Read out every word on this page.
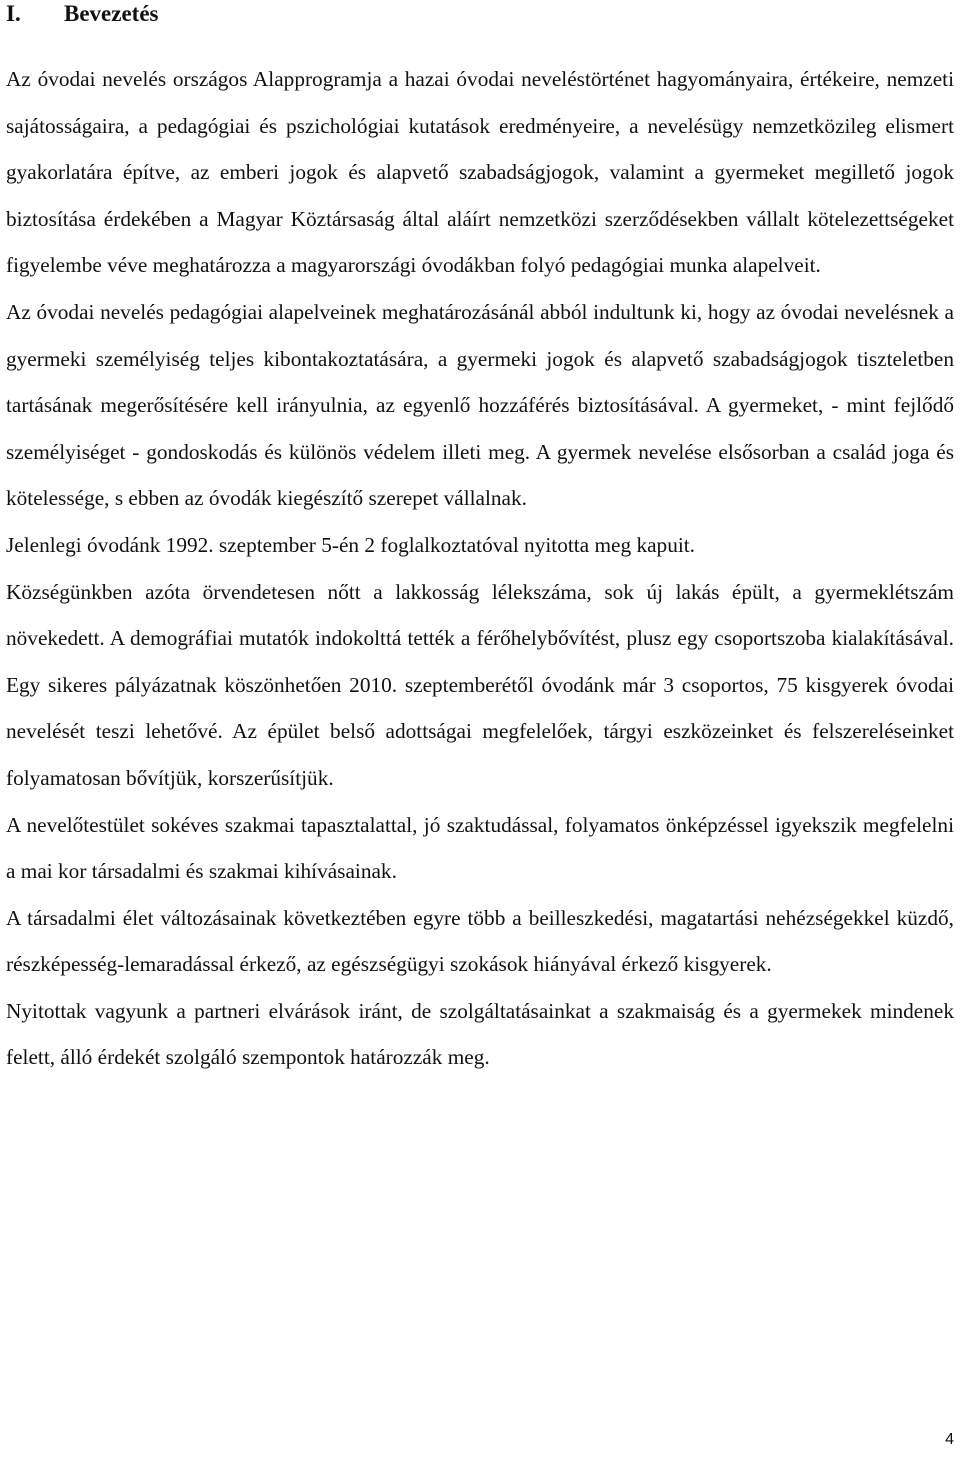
I. Bevezetés

Az óvodai nevelés országos Alapprogramja a hazai óvodai neveléstörténet hagyományaira, értékeire, nemzeti sajátosságaira, a pedagógiai és pszichológiai kutatások eredményeire, a nevelésügy nemzetközileg elismert gyakorlatára építve, az emberi jogok és alapvető szabadságjogok, valamint a gyermeket megillető jogok biztosítása érdekében a Magyar Köztársaság által aláírt nemzetközi szerződésekben vállalt kötelezettségeket figyelembe véve meghatározza a magyarországi óvodákban folyó pedagógiai munka alapelveit.

Az óvodai nevelés pedagógiai alapelveinek meghatározásánál abból indultunk ki, hogy az óvodai nevelésnek a gyermeki személyiség teljes kibontakoztatására, a gyermeki jogok és alapvető szabadságjogok tiszteletben tartásának megerősítésére kell irányulnia, az egyenlő hozzáférés biztosításával. A gyermeket, - mint fejlődő személyiséget - gondoskodás és különös védelem illeti meg. A gyermek nevelése elsősorban a család joga és kötelessége, s ebben az óvodák kiegészítő szerepet vállalnak.

Jelenlegi óvodánk 1992. szeptember 5-én 2 foglalkoztatóval nyitotta meg kapuit.

Községünkben azóta örvendetesen nőtt a lakkosság lélekszáma, sok új lakás épült, a gyermeklétszám növekedett. A demográfiai mutatók indokolttá tették a férőhelybővítést, plusz egy csoportszoba kialakításával. Egy sikeres pályázatnak köszönhetően 2010. szeptemberétől óvodánk már 3 csoportos, 75 kisgyerek óvodai nevelését teszi lehetővé. Az épület belső adottságai megfelelőek, tárgyi eszközeinket és felszereléseinket folyamatosan bővítjük, korszerűsítjük.

A nevelőtestület sokéves szakmai tapasztalattal, jó szaktudással, folyamatos önképzéssel igyekszik megfelelni a mai kor társadalmi és szakmai kihívásainak.

A társadalmi élet változásainak következtében egyre több a beilleszkedési, magatartási nehézségekkel küzdő, részképesség-lemaradással érkező, az egészségügyi szokások hiányával érkező kisgyerek.

Nyitottak vagyunk a partneri elvárások iránt, de szolgáltatásainkat a szakmaiság és a gyermekek mindenek felett, álló érdekét szolgáló szempontok határozzák meg.

4
